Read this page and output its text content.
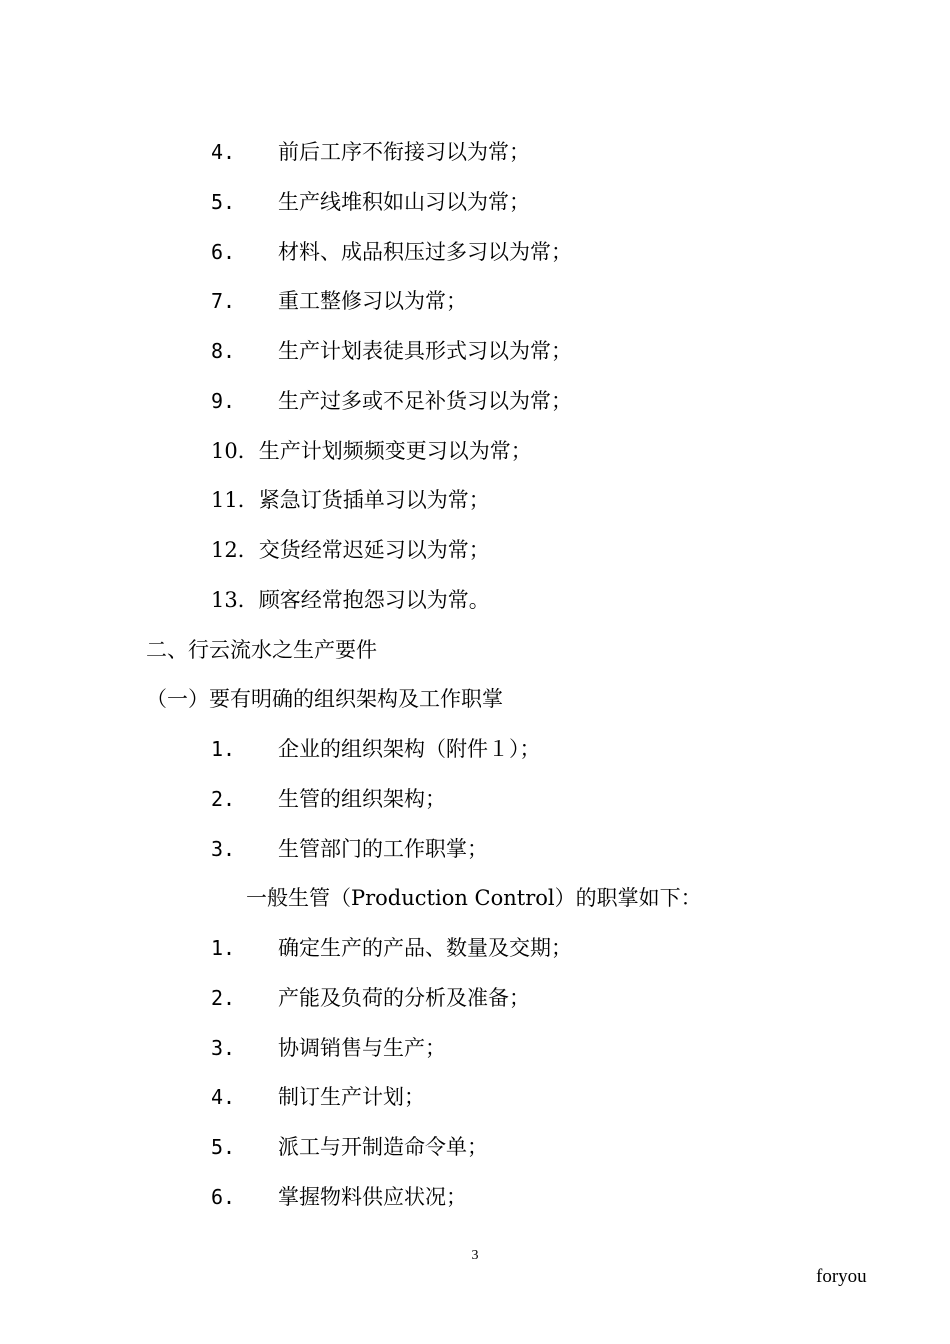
4. 前后工序不衔接习以为常；
5. 生产线堆积如山习以为常；
6. 材料、成品积压过多习以为常；
7. 重工整修习以为常；
8. 生产计划表徒具形式习以为常；
9. 生产过多或不足补货习以为常；
10．生产计划频频变更习以为常；
11．紧急订货插单习以为常；
12．交货经常迟延习以为常；
13．顾客经常抱怨习以为常。
二、行云流水之生产要件
（一）要有明确的组织架构及工作职掌
1. 企业的组织架构（附件１）；
2. 生管的组织架构；
3. 生管部门的工作职掌；
一般生管（Production Control）的职掌如下：
1. 确定生产的产品、数量及交期；
2. 产能及负荷的分析及准备；
3. 协调销售与生产；
4. 制订生产计划；
5. 派工与开制造命令单；
6. 掌握物料供应状况；
3
foryou
